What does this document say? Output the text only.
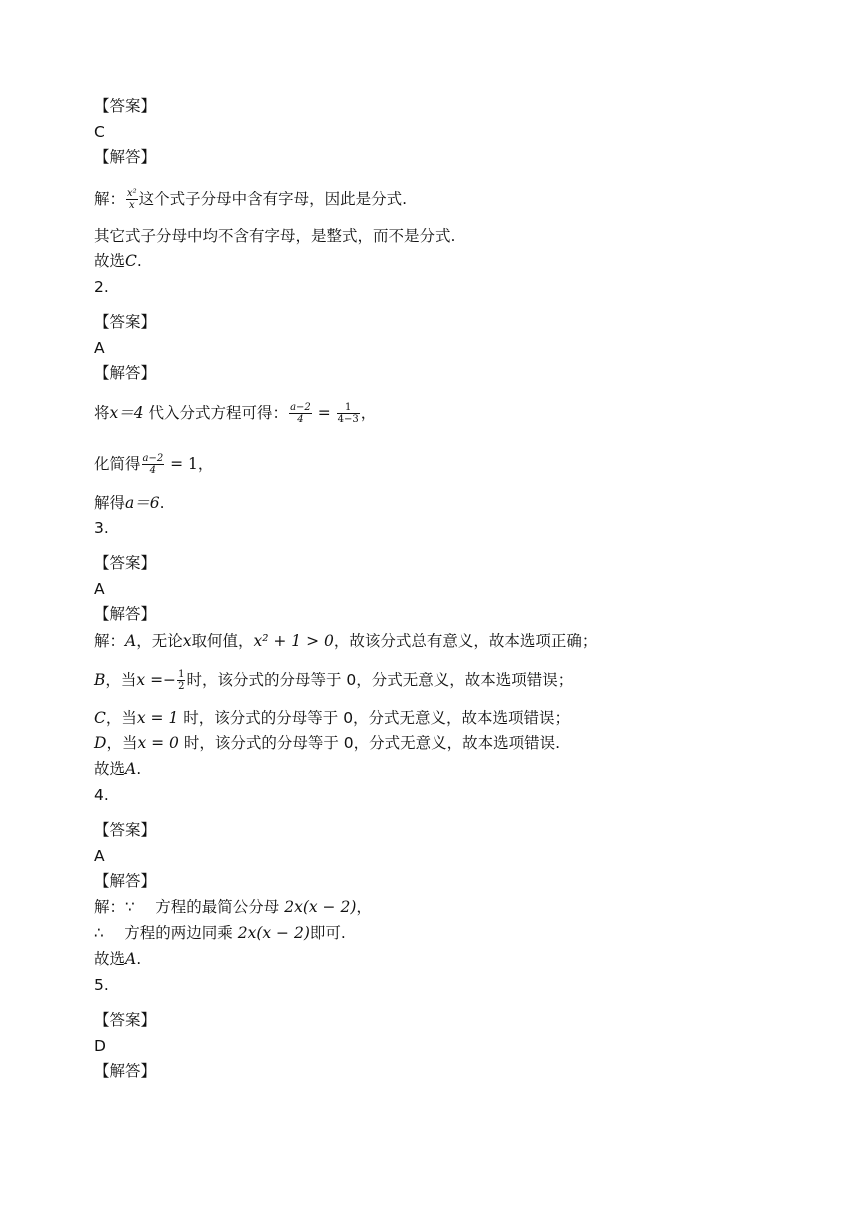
【答案】
C
【解答】
解： $\frac{\text{x²}}{x}$ 这个式子分母中含有字母，因此是分式.
其它式子分母中均不含有字母，是整式，而不是分式.
故选C.
2.
【答案】
A
【解答】
将x＝4 代入分式方程可得： $\frac{a-2}{4} = \frac{1}{4-3}$ ，
化简得 $\frac{a-2}{4} = 1$，
解得a＝6.
3.
【答案】
A
【解答】
解：A，无论x取何值，x² + 1 > 0，故该分式总有意义，故本选项正确；
B，当$x =- \frac{1}{2}$ 时，该分式的分母等于 0，分式无意义，故本选项错误；
C，当x = 1 时，该分式的分母等于 0，分式无意义，故本选项错误；
D，当x = 0 时，该分式的分母等于 0，分式无意义，故本选项错误.
故选A.
4.
【答案】
A
【解答】
解：∵　 方程的最简公分母 2x(x − 2)，
∴　 方程的两边同乘 2x(x − 2)即可.
故选A.
5.
【答案】
D
【解答】
